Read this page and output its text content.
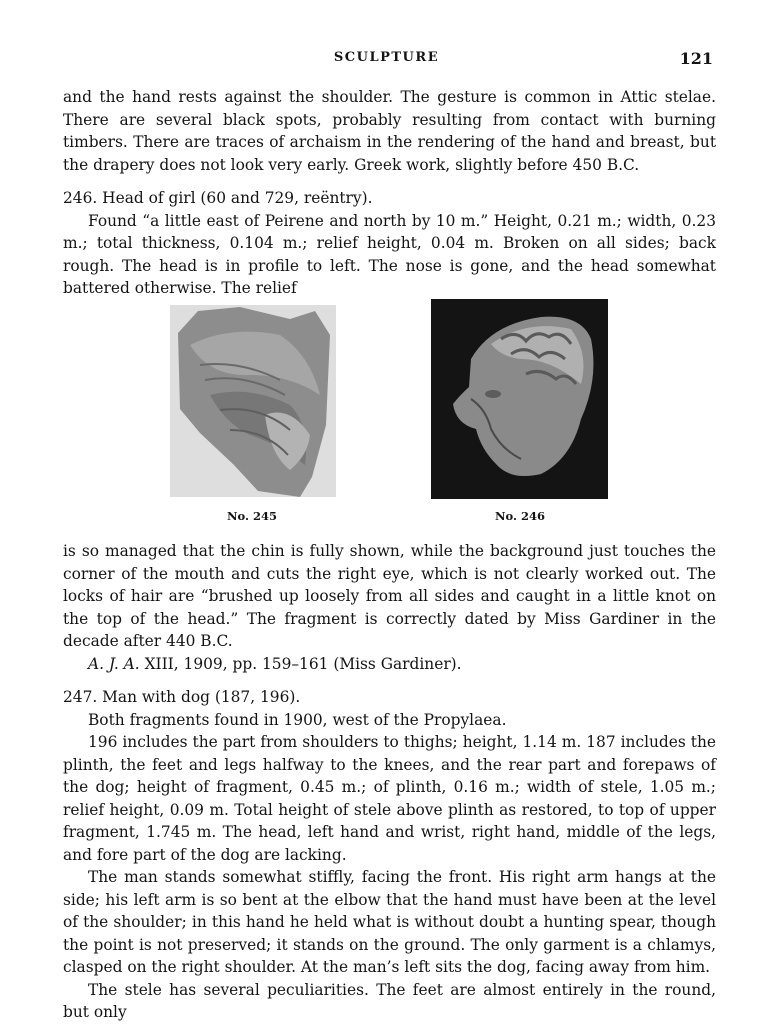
SCULPTURE	121

and the hand rests against the shoulder. The gesture is common in Attic stelae. There are several black spots, probably resulting from contact with burning timbers. There are traces of archaism in the rendering of the hand and breast, but the drapery does not look very early. Greek work, slightly before 450 B.C.

246. Head of girl (60 and 729, reëntry).

Found “a little east of Peirene and north by 10 m.” Height, 0.21 m.; width, 0.23 m.; total thickness, 0.104 m.; relief height, 0.04 m. Broken on all sides; back rough. The head is in profile to left. The nose is gone, and the head somewhat battered otherwise. The relief

No. 245	No. 246

is so managed that the chin is fully shown, while the background just touches the corner of the mouth and cuts the right eye, which is not clearly worked out. The locks of hair are “brushed up loosely from all sides and caught in a little knot on the top of the head.” The fragment is correctly dated by Miss Gardiner in the decade after 440 B.C.

A. J. A. XIII, 1909, pp. 159–161 (Miss Gardiner).

247. Man with dog (187, 196).

Both fragments found in 1900, west of the Propylaea.

196 includes the part from shoulders to thighs; height, 1.14 m. 187 includes the plinth, the feet and legs halfway to the knees, and the rear part and forepaws of the dog; height of fragment, 0.45 m.; of plinth, 0.16 m.; width of stele, 1.05 m.; relief height, 0.09 m. Total height of stele above plinth as restored, to top of upper fragment, 1.745 m. The head, left hand and wrist, right hand, middle of the legs, and fore part of the dog are lacking.

The man stands somewhat stiffly, facing the front. His right arm hangs at the side; his left arm is so bent at the elbow that the hand must have been at the level of the shoulder; in this hand he held what is without doubt a hunting spear, though the point is not preserved; it stands on the ground. The only garment is a chlamys, clasped on the right shoulder. At the man’s left sits the dog, facing away from him.

The stele has several peculiarities. The feet are almost entirely in the round, but only
